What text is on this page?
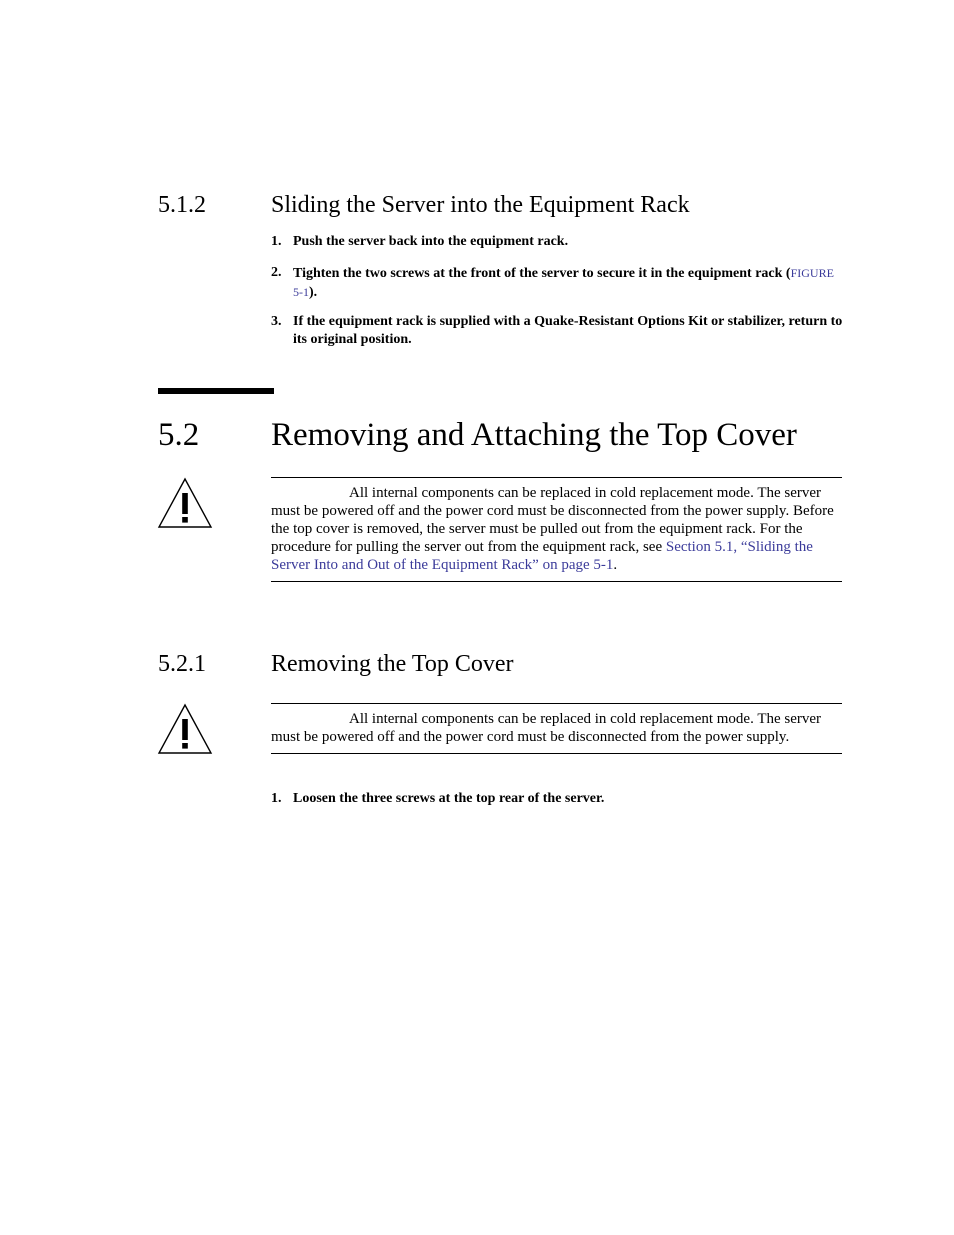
5.1.2	Sliding the Server into the Equipment Rack
1. Push the server back into the equipment rack.
2. Tighten the two screws at the front of the server to secure it in the equipment rack (FIGURE 5-1).
3. If the equipment rack is supplied with a Quake-Resistant Options Kit or stabilizer, return to its original position.
5.2 Removing and Attaching the Top Cover

All internal components can be replaced in cold replacement mode. The server must be powered off and the power cord must be disconnected from the power supply. Before the top cover is removed, the server must be pulled out from the equipment rack. For the procedure for pulling the server out from the equipment rack, see Section 5.1, “Sliding the Server Into and Out of the Equipment Rack” on page 5-1.

5.2.1	Removing the Top Cover

All internal components can be replaced in cold replacement mode. The server must be powered off and the power cord must be disconnected from the power supply.

1. Loosen the three screws at the top rear of the server.
